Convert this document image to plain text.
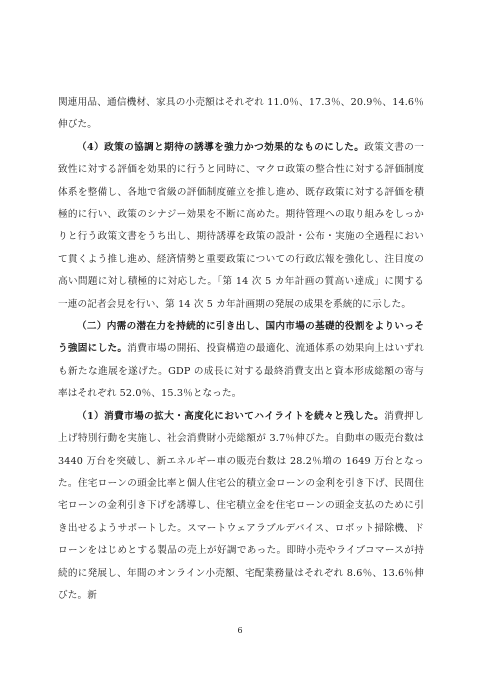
関連用品、通信機材、家具の小売額はそれぞれ 11.0％、17.3％、20.9％、14.6％伸びた。

（4）政策の協調と期待の誘導を強力かつ効果的なものにした。政策文書の一致性に対する評価を効果的に行うと同時に、マクロ政策の整合性に対する評価制度体系を整備し、各地で省級の評価制度確立を推し進め、既存政策に対する評価を積極的に行い、政策のシナジー効果を不断に高めた。期待管理への取り組みをしっかりと行う政策文書をうち出し、期待誘導を政策の設計・公布・実施の全過程において貫くよう推し進め、経済情勢と重要政策についての行政広報を強化し、注目度の高い問題に対し積極的に対応した。「第 14 次 5 カ年計画の質高い達成」に関する一連の記者会見を行い、第 14 次 5 カ年計画期の発展の成果を系統的に示した。

（二）内需の潜在力を持続的に引き出し、国内市場の基礎的役割をよりいっそう強固にした。消費市場の開拓、投資構造の最適化、流通体系の効果向上はいずれも新たな進展を遂げた。GDP の成長に対する最終消費支出と資本形成総額の寄与率はそれぞれ 52.0％、15.3％となった。

（1）消費市場の拡大・高度化においてハイライトを続々と残した。消費押し上げ特別行動を実施し、社会消費財小売総額が 3.7％伸びた。自動車の販売台数は 3440 万台を突破し、新エネルギー車の販売台数は 28.2％増の 1649 万台となった。住宅ローンの頭金比率と個人住宅公的積立金ローンの金利を引き下げ、民間住宅ローンの金利引き下げを誘導し、住宅積立金を住宅ローンの頭金支払のために引き出せるようサポートした。スマートウェアラブルデバイス、ロボット掃除機、ドローンをはじめとする製品の売上が好調であった。即時小売やライブコマースが持続的に発展し、年間のオンライン小売額、宅配業務量はそれぞれ 8.6％、13.6％伸びた。新

6
